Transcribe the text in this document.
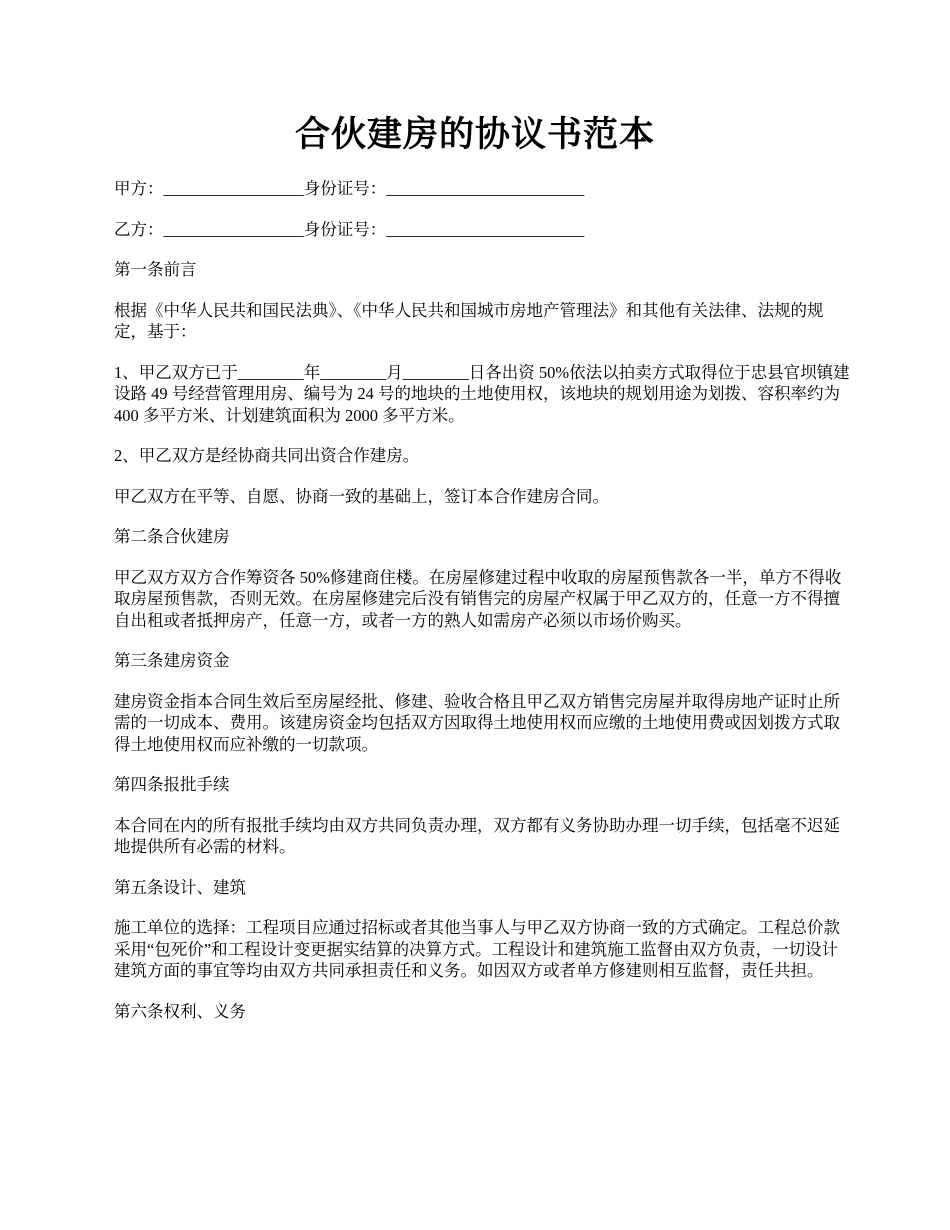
合伙建房的协议书范本

甲方：_________________身份证号：________________________

乙方：_________________身份证号：________________________

第一条前言

根据《中华人民共和国民法典》、《中华人民共和国城市房地产管理法》和其他有关法律、法规的规定，基于：

1、甲乙双方已于________年________月________日各出资 50%依法以拍卖方式取得位于忠县官坝镇建设路 49 号经营管理用房、编号为 24 号的地块的土地使用权，该地块的规划用途为划拨、容积率约为 400 多平方米、计划建筑面积为 2000 多平方米。

2、甲乙双方是经协商共同出资合作建房。

甲乙双方在平等、自愿、协商一致的基础上，签订本合作建房合同。

第二条合伙建房

甲乙双方双方合作筹资各 50%修建商住楼。在房屋修建过程中收取的房屋预售款各一半，单方不得收取房屋预售款，否则无效。在房屋修建完后没有销售完的房屋产权属于甲乙双方的，任意一方不得擅自出租或者抵押房产，任意一方，或者一方的熟人如需房产必须以市场价购买。

第三条建房资金

建房资金指本合同生效后至房屋经批、修建、验收合格且甲乙双方销售完房屋并取得房地产证时止所需的一切成本、费用。该建房资金均包括双方因取得土地使用权而应缴的土地使用费或因划拨方式取得土地使用权而应补缴的一切款项。

第四条报批手续

本合同在内的所有报批手续均由双方共同负责办理，双方都有义务协助办理一切手续，包括毫不迟延地提供所有必需的材料。

第五条设计、建筑

施工单位的选择：工程项目应通过招标或者其他当事人与甲乙双方协商一致的方式确定。工程总价款采用“包死价”和工程设计变更据实结算的决算方式。工程设计和建筑施工监督由双方负责，一切设计建筑方面的事宜等均由双方共同承担责任和义务。如因双方或者单方修建则相互监督，责任共担。

第六条权利、义务
